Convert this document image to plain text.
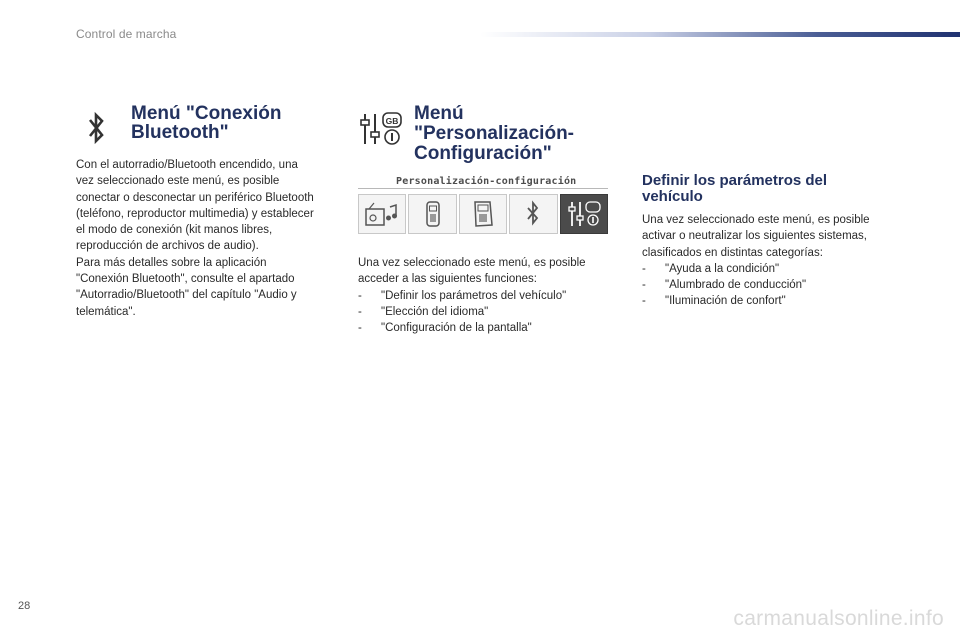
Control de marcha
Menú "Conexión
Bluetooth"
Con el autorradio/Bluetooth encendido, una
vez seleccionado este menú, es posible
conectar o desconectar un periférico Bluetooth
(teléfono, reproductor multimedia) y establecer
el modo de conexión (kit manos libres,
reproducción de archivos de audio).
Para más detalles sobre la aplicación
"Conexión Bluetooth", consulte el apartado
"Autorradio/Bluetooth" del capítulo "Audio y
telemática".
GB Menú
"Personalización-
Configuración"
Personalización-configuración
Una vez seleccionado este menú, es posible
acceder a las siguientes funciones:
- "Definir los parámetros del vehículo"
- "Elección del idioma"
- "Configuración de la pantalla"
Definir los parámetros del
vehículo
Una vez seleccionado este menú, es posible
activar o neutralizar los siguientes sistemas,
clasificados en distintas categorías:
- "Ayuda a la condición"
- "Alumbrado de conducción"
- "Iluminación de confort"
28
carmanualsonline.info
